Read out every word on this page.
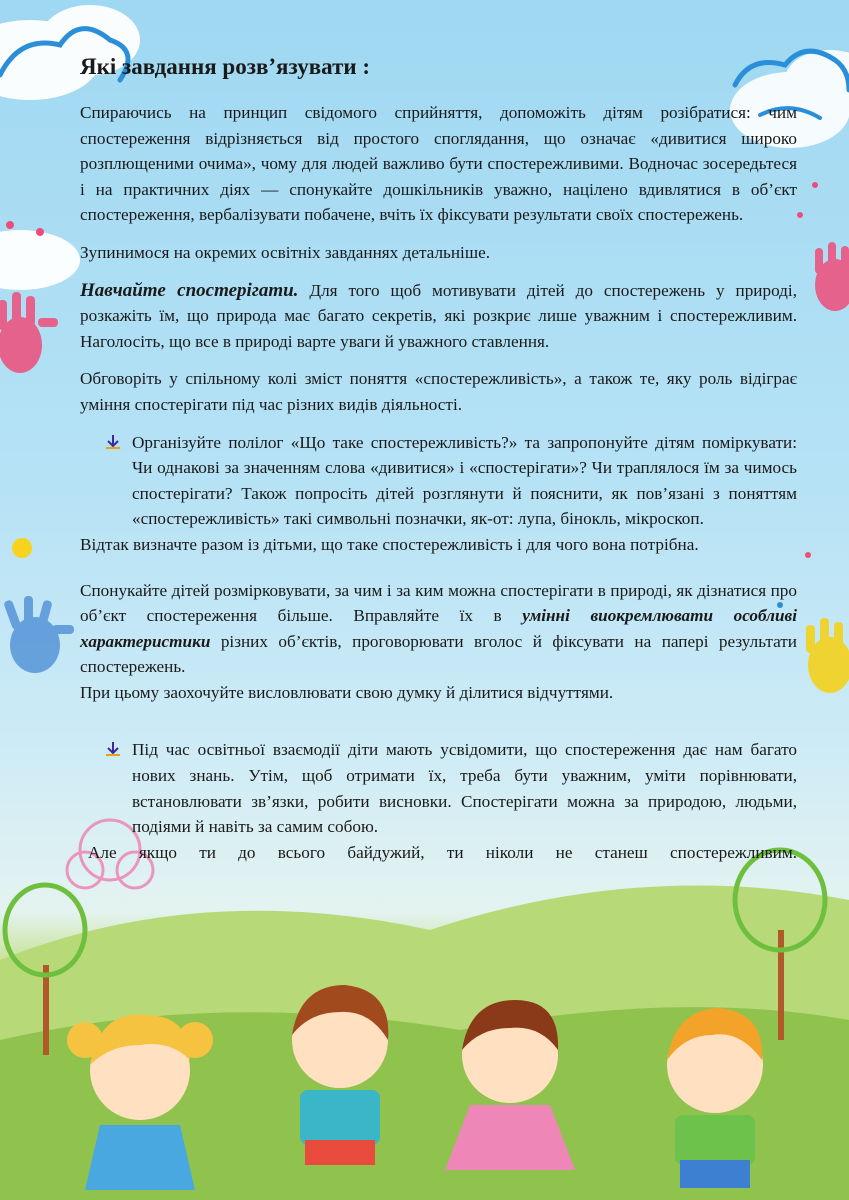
Які завдання розв’язувати :

Спираючись на принцип свідомого сприйняття, допоможіть дітям розібратися: чим спостереження відрізняється від простого споглядання, що означає «дивитися широко розплющеними очима», чому для людей важливо бути спостережливими. Водночас зосередьтеся і на практичних діях — спонукайте дошкільників уважно, націлено вдивлятися в об’єкт спостереження, вербалізувати побачене, вчіть їх фіксувати результати своїх спостережень.

Зупинимося на окремих освітніх завданнях детальніше.

Навчайте спостерігати. Для того щоб мотивувати дітей до спостережень у природі, розкажіть їм, що природа має багато секретів, які розкриє лише уважним і спостережливим. Наголосіть, що все в природі варте уваги й уважного ставлення.

Обговоріть у спільному колі зміст поняття «спостережливість», а також те, яку роль відіграє уміння спостерігати під час різних видів діяльності.

Організуйте полілог «Що таке спостережливість?» та запропонуйте дітям поміркувати: Чи однакові за значенням слова «дивитися» і «спостерігати»? Чи траплялося їм за чимось спостерігати? Також попросіть дітей розглянути й пояснити, як пов’язані з поняттям «спостережливість» такі символьні позначки, як-от: лупа, бінокль, мікроскоп.

Відтак визначте разом із дітьми, що таке спостережливість і для чого вона потрібна.

Спонукайте дітей розмірковувати, за чим і за ким можна спостерігати в природі, як дізнатися про об’єкт спостереження більше. Вправляйте їх в умінні виокремлювати особливі характеристики різних об’єктів, проговорювати вголос й фіксувати на папері результати спостережень.

При цьому заохочуйте висловлювати свою думку й ділитися відчуттями.

Під час освітньої взаємодії діти мають усвідомити, що спостереження дає нам багато нових знань. Утім, щоб отримати їх, треба бути уважним, уміти порівнювати, встановлювати зв’язки, робити висновки. Спостерігати можна за природою, людьми, подіями й навіть за самим собою.

Але якщо ти до всього байдужий, ти ніколи не станеш спостережливим.
